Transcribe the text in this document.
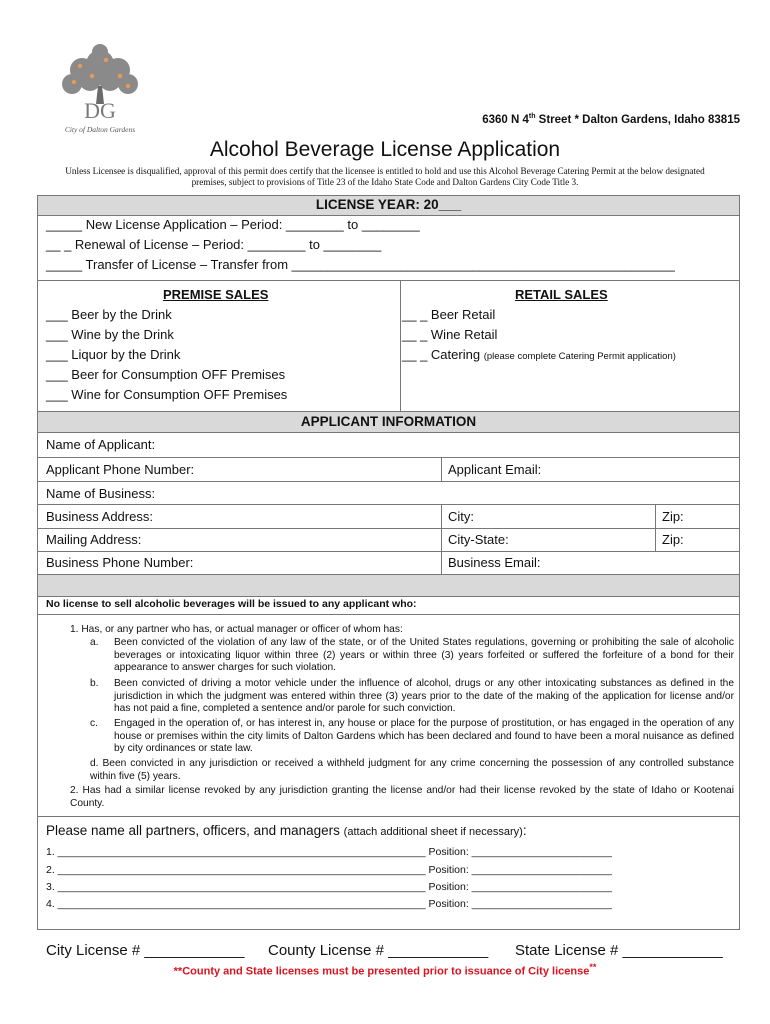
DG
City of Dalton Gardens
6360 N 4th Street * Dalton Gardens, Idaho 83815
Alcohol Beverage License Application
Unless Licensee is disqualified, approval of this permit does certify that the licensee is entitled to hold and use this Alcohol Beverage Catering Permit at the below designated premises, subject to provisions of Title 23 of the Idaho State Code and Dalton Gardens City Code Title 3.
LICENSE YEAR: 20___
_____ New License Application – Period: ________ to ________
__ _ Renewal of License – Period: ________ to ________
_____ Transfer of License – Transfer from _____________________________________________________
PREMISE SALES
___ Beer by the Drink
___ Wine by the Drink
___ Liquor by the Drink
___ Beer for Consumption OFF Premises
___ Wine for Consumption OFF Premises
RETAIL SALES
__ _ Beer Retail
__ _ Wine Retail
__ _ Catering (please complete Catering Permit application)
APPLICANT INFORMATION
Name of Applicant:
Applicant Phone Number:	Applicant Email:
Name of Business:
Business Address:	City:	Zip:
Mailing Address:	City-State:	Zip:
Business Phone Number:	Business Email:
No license to sell alcoholic beverages will be issued to any applicant who:
1. Has, or any partner who has, or actual manager or officer of whom has:
a.	Been convicted of the violation of any law of the state, or of the United States regulations, governing or prohibiting the sale of alcoholic beverages or intoxicating liquor within three (2) years or within three (3) years forfeited or suffered the forfeiture of a bond for their appearance to answer charges for such violation.
b.	Been convicted of driving a motor vehicle under the influence of alcohol, drugs or any other intoxicating substances as defined in the jurisdiction in which the judgment was entered within three (3) years prior to the date of the making of the application for license and/or has not paid a fine, completed a sentence and/or parole for such conviction.
c.	Engaged in the operation of, or has interest in, any house or place for the purpose of prostitution, or has engaged in the operation of any house or premises within the city limits of Dalton Gardens which has been declared and found to have been a moral nuisance as defined by city ordinances or state law.
d. Been convicted in any jurisdiction or received a withheld judgment for any crime concerning the possession of any controlled substance within five (5) years.
2. Has had a similar license revoked by any jurisdiction granting the license and/or had their license revoked by the state of Idaho or Kootenai County.
Please name all partners, officers, and managers (attach additional sheet if necessary):
1. _______________________________________________________________ Position: ________________________
2. _______________________________________________________________ Position: ________________________
3. _______________________________________________________________ Position: ________________________
4. _______________________________________________________________ Position: ________________________
City License # ____________ County License # ____________ State License # ____________
**County and State licenses must be presented prior to issuance of City license**
